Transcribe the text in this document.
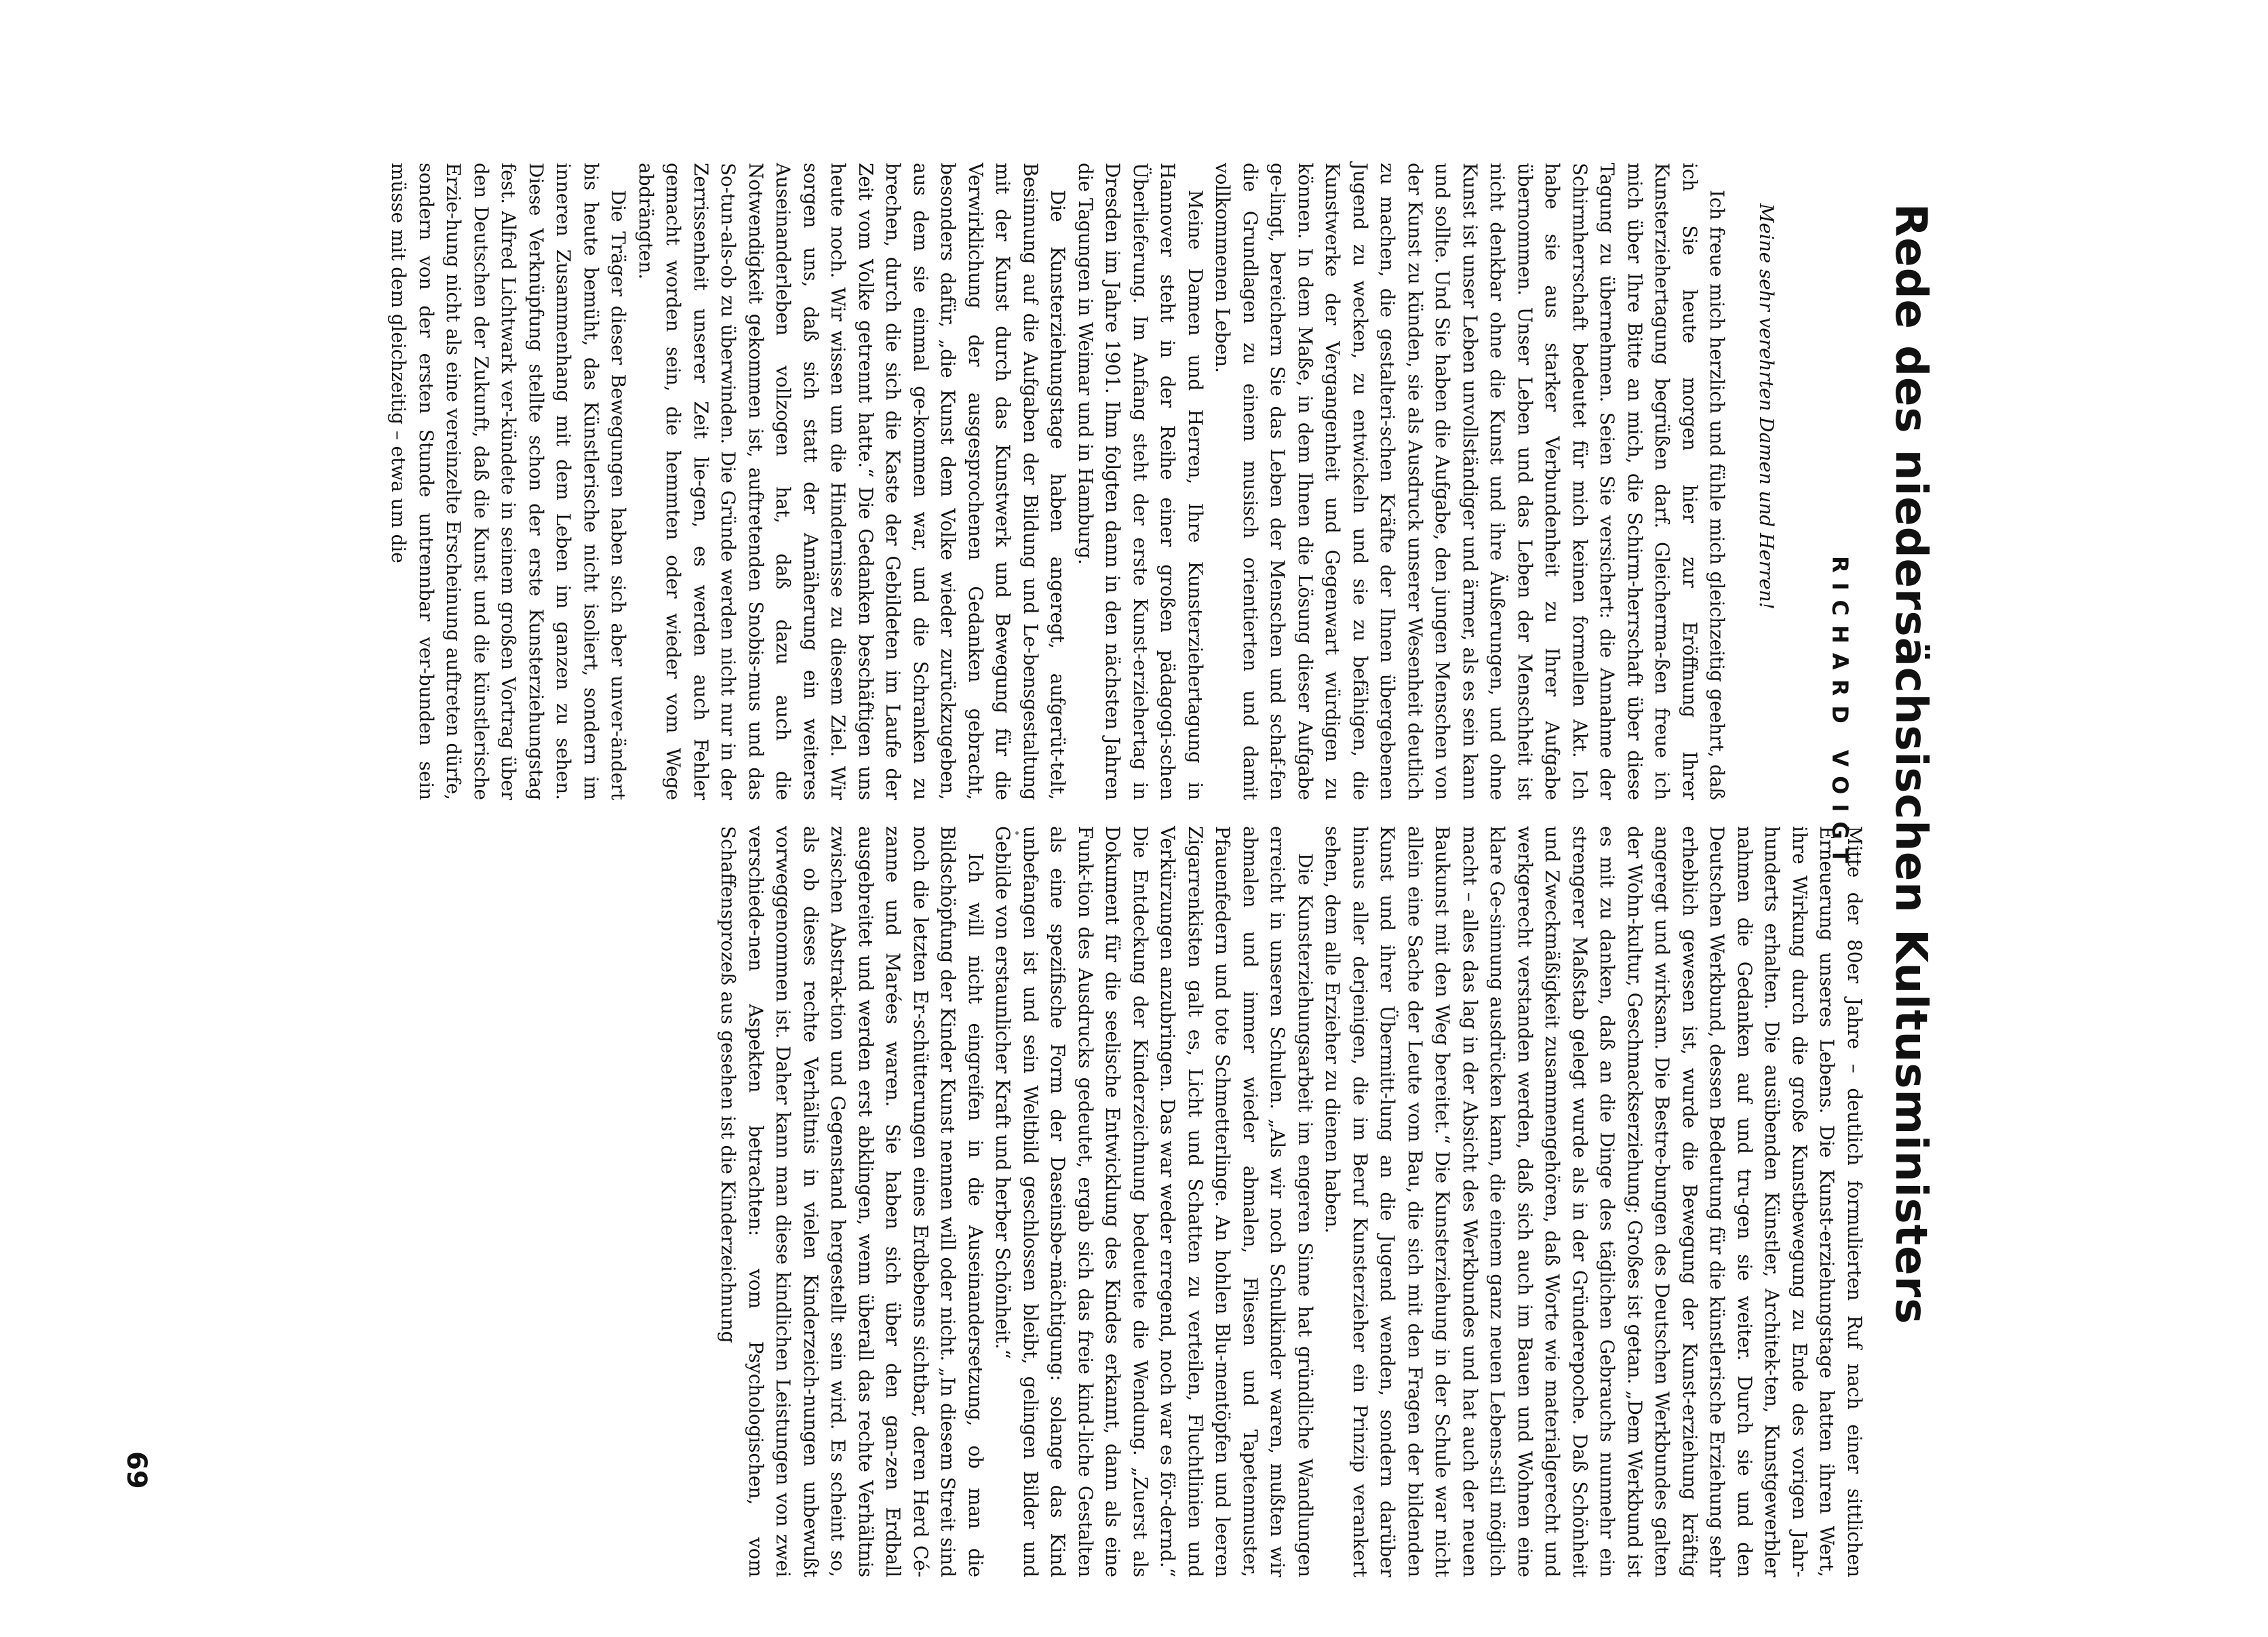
Rede des niedersächsischen Kultusministers
RICHARD VOIGT

Meine sehr verehrten Damen und Herren!

Ich freue mich herzlich und fühle mich gleichzeitig geehrt, daß ich Sie heute morgen hier zur Eröffnung Ihrer Kunsterziehertagung begrüßen darf. Gleicherma-ßen freue ich mich über Ihre Bitte an mich, die Schirm-herrschaft über diese Tagung zu übernehmen. Seien Sie versichert: die Annahme der Schirmherrschaft bedeutet für mich keinen formellen Akt. Ich habe sie aus starker Verbundenheit zu Ihrer Aufgabe übernommen. Unser Leben und das Leben der Menschheit ist nicht denkbar ohne die Kunst und ihre Äußerungen, und ohne Kunst ist unser Leben unvollständiger und ärmer, als es sein kann und sollte. Und Sie haben die Aufgabe, den jungen Menschen von der Kunst zu künden, sie als Ausdruck unserer Wesenheit deutlich zu machen, die gestalteri-schen Kräfte der Ihnen übergebenen Jugend zu wecken, zu entwickeln und sie zu befähigen, die Kunstwerke der Vergangenheit und Gegenwart würdigen zu können. In dem Maße, in dem Ihnen die Lösung dieser Aufgabe ge-lingt, bereichern Sie das Leben der Menschen und schaf-fen die Grundlagen zu einem musisch orientierten und damit vollkommenen Leben.

Meine Damen und Herren, Ihre Kunsterziehertagung in Hannover steht in der Reihe einer großen pädagogi-schen Überlieferung. Im Anfang steht der erste Kunst-erziehertag in Dresden im Jahre 1901. Ihm folgten dann in den nächsten Jahren die Tagungen in Weimar und in Hamburg.

Die Kunsterziehungstage haben angeregt, aufgerüt-telt, Besinnung auf die Aufgaben der Bildung und Le-bensgestaltung mit der Kunst durch das Kunstwerk und Bewegung für die Verwirklichung der ausgesprochenen Gedanken gebracht, besonders dafür, „die Kunst dem Volke wieder zurückzugeben, aus dem sie einmal ge-kommen war, und die Schranken zu brechen, durch die sich die Kaste der Gebildeten im Laufe der Zeit vom Volke getrennt hatte.“ Die Gedanken beschäftigen uns heute noch. Wir wissen um die Hindernisse zu diesem Ziel. Wir sorgen uns, daß sich statt der Annäherung ein weiteres Auseinanderleben vollzogen hat, daß dazu auch die Notwendigkeit gekommen ist, auftretenden Snobis-mus und das So-tun-als-ob zu überwinden. Die Gründe werden nicht nur in der Zerrissenheit unserer Zeit lie-gen, es werden auch Fehler gemacht worden sein, die hemmten oder wieder vom Wege abdrängten.

Die Träger dieser Bewegungen haben sich aber unver-ändert bis heute bemüht, das Künstlerische nicht isoliert, sondern im inneren Zusammenhang mit dem Leben im ganzen zu sehen. Diese Verknüpfung stellte schon der erste Kunsterziehungstag fest. Alfred Lichtwark ver-kündete in seinem großen Vortrag über den Deutschen der Zukunft, daß die Kunst und die künstlerische Erzie-hung nicht als eine vereinzelte Erscheinung auftreten dürfe, sondern von der ersten Stunde untrennbar ver-bunden sein müsse mit dem gleichzeitig – etwa um die

Mitte der 80er Jahre – deutlich formulierten Ruf nach einer sittlichen Erneuerung unseres Lebens. Die Kunst-erziehungstage hatten ihren Wert, ihre Wirkung durch die große Kunstbewegung zu Ende des vorigen Jahr-hunderts erhalten. Die ausübenden Künstler, Architek-ten, Kunstgewerbler nahmen die Gedanken auf und tru-gen sie weiter. Durch sie und den Deutschen Werkbund, dessen Bedeutung für die künstlerische Erziehung sehr erheblich gewesen ist, wurde die Bewegung der Kunst-erziehung kräftig angeregt und wirksam. Die Bestre-bungen des Deutschen Werkbundes galten der Wohn-kultur, Geschmackserziehung; Großes ist getan. „Dem Werkbund ist es mit zu danken, daß an die Dinge des täglichen Gebrauchs nunmehr ein strengerer Maßstab gelegt wurde als in der Gründerepoche. Daß Schönheit und Zweckmäßigkeit zusammengehören, daß Worte wie materialgerecht und werkgerecht verstanden werden, daß sich auch im Bauen und Wohnen eine klare Ge-sinnung ausdrücken kann, die einem ganz neuen Lebens-stil möglich macht – alles das lag in der Absicht des Werkbundes und hat auch der neuen Baukunst mit den Weg bereitet.“ Die Kunsterziehung in der Schule war nicht allein eine Sache der Leute vom Bau, die sich mit den Fragen der bildenden Kunst und ihrer Übermitt-lung an die Jugend wenden, sondern darüber hinaus aller derjenigen, die im Beruf Kunsterzieher ein Prinzip verankert sehen, dem alle Erzieher zu dienen haben.

Die Kunsterziehungsarbeit im engeren Sinne hat gründliche Wandlungen erreicht in unseren Schulen. „Als wir noch Schulkinder waren, mußten wir abmalen und immer wieder abmalen, Fliesen und Tapetenmuster, Pfauenfedern und tote Schmetterlinge. An hohlen Blu-mentöpfen und leeren Zigarrenkisten galt es, Licht und Schatten zu verteilen, Fluchtlinien und Verkürzungen anzubringen. Das war weder erregend, noch war es för-dernd.“ Die Entdeckung der Kinderzeichnung bedeutete die Wendung. „Zuerst als Dokument für die seelische Entwicklung des Kindes erkannt, dann als eine Funk-tion des Ausdrucks gedeutet, ergab sich das freie kind-liche Gestalten als eine spezifische Form der Daseinsbe-mächtigung: solange das Kind unbefangen ist und sein Weltbild geschlossen bleibt, gelingen Bilder und Gebilde von erstaunlicher Kraft und herber Schönheit.“

Ich will nicht eingreifen in die Auseinandersetzung, ob man die Bildschöpfung der Kinder Kunst nennen will oder nicht. „In diesem Streit sind noch die letzten Er-schütterungen eines Erdbebens sichtbar, deren Herd Cé-zanne und Marées waren. Sie haben sich über den gan-zen Erdball ausgebreitet und werden erst abklingen, wenn überall das rechte Verhältnis zwischen Abstrak-tion und Gegenstand hergestellt sein wird. Es scheint so, als ob dieses rechte Verhältnis in vielen Kinderzeich-nungen unbewußt vorweggenommen ist. Daher kann man diese kindlichen Leistungen von zwei verschiede-nen Aspekten betrachten: vom Psychologischen, vom Schaffensprozeß aus gesehen ist die Kinderzeichnung

69
